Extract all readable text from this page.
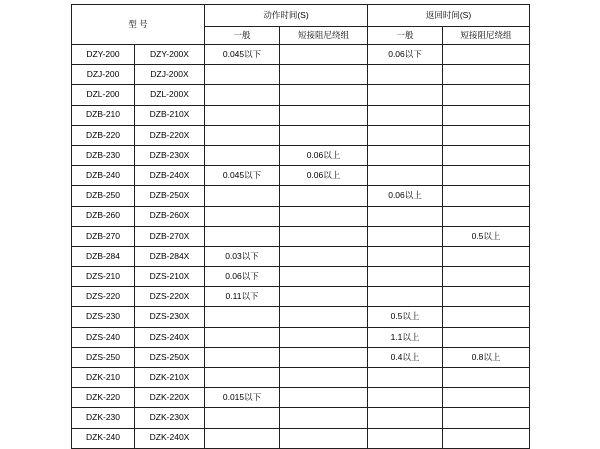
型 号		动作时间(S)		返回时间(S)	
		一般	短接阻尼绕组	一般	短接阻尼绕组
DZY-200	DZY-200X	0.045以下		0.06以下	
DZJ-200	DZJ-200X				
DZL-200	DZL-200X				
DZB-210	DZB-210X				
DZB-220	DZB-220X				
DZB-230	DZB-230X		0.06以上		
DZB-240	DZB-240X	0.045以下	0.06以上		
DZB-250	DZB-250X			0.06以上	
DZB-260	DZB-260X				
DZB-270	DZB-270X				0.5以上
DZB-284	DZB-284X	0.03以下			
DZS-210	DZS-210X	0.06以下			
DZS-220	DZS-220X	0.11以下			
DZS-230	DZS-230X			0.5以上	
DZS-240	DZS-240X			1.1以上	
DZS-250	DZS-250X			0.4以上	0.8以上
DZK-210	DZK-210X				
DZK-220	DZK-220X	0.015以下			
DZK-230	DZK-230X				
DZK-240	DZK-240X				
